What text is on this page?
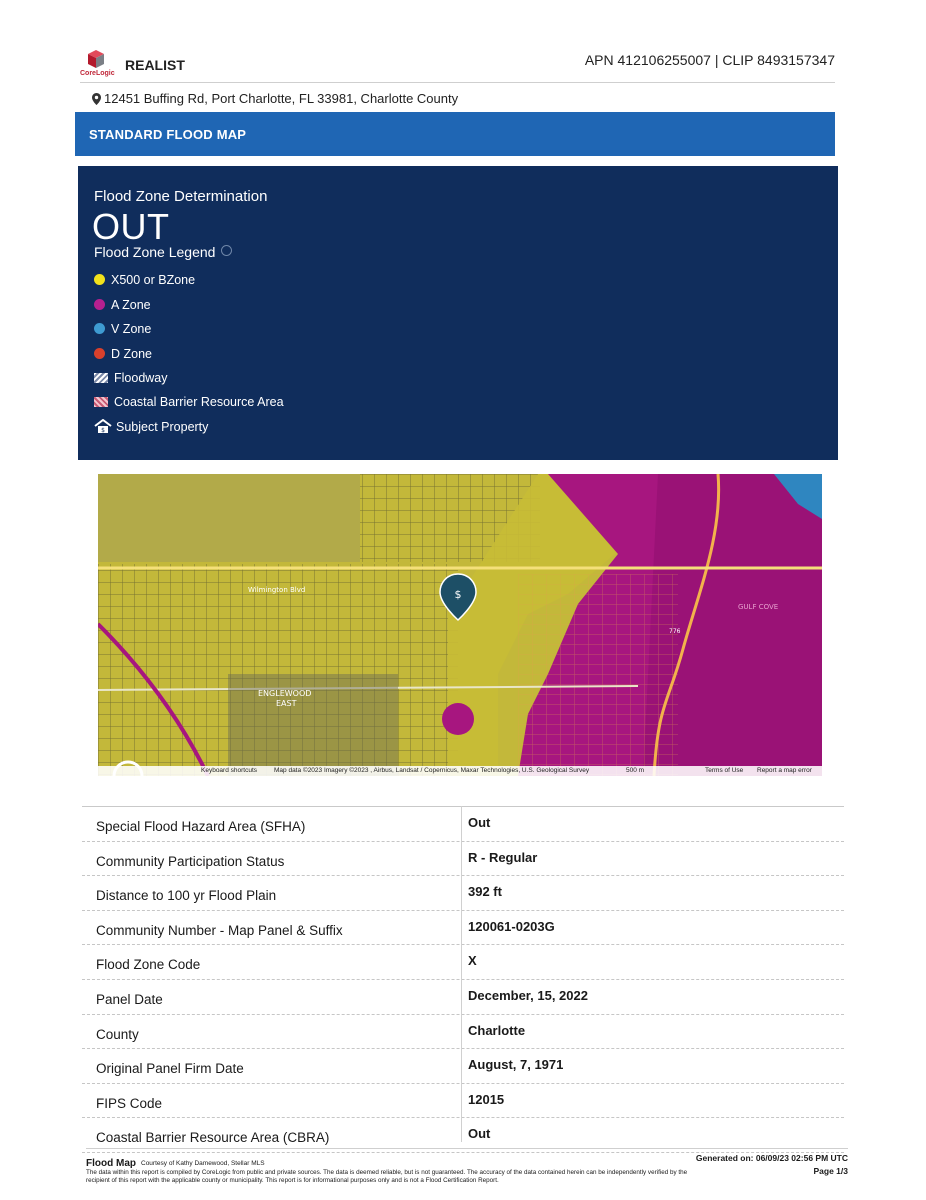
CoreLogic
REALIST	APN 412106255007 | CLIP 8493157347
12451 Buffing Rd, Port Charlotte, FL 33981, Charlotte County
STANDARD FLOOD MAP
Flood Zone Determination
OUT
Flood Zone Legend
X500 or BZone
A Zone
V Zone
D Zone
Floodway
Coastal Barrier Resource Area
$ Subject Property
Wilmington Blvd
ENGLEWOOD
EAST
GULF COVE
776
$
Keyboard shortcuts	Map data ©2023 Imagery ©2023 , Airbus, Landsat / Copernicus, Maxar Technologies, U.S. Geological Survey	500 m	Terms of Use Report a map error
Special Flood Hazard Area (SFHA)	Out
Community Participation Status	R - Regular
Distance to 100 yr Flood Plain	392 ft
Community Number - Map Panel & Suffix	120061-0203G
Flood Zone Code	X
Panel Date	December, 15, 2022
County	Charlotte
Original Panel Firm Date	August, 7, 1971
FIPS Code	12015
Coastal Barrier Resource Area (CBRA)	Out
Flood Map Courtesy of Kathy Damewood, Stellar MLS
The data within this report is compiled by CoreLogic from public and private sources. The data is deemed reliable, but is not guaranteed. The accuracy of the data contained herein can be independently verified by the recipient of this report with the applicable county or municipality. This report is for informational purposes only and is not a Flood Certification Report.
Generated on: 06/09/23 02:56 PM UTC
Page 1/3
